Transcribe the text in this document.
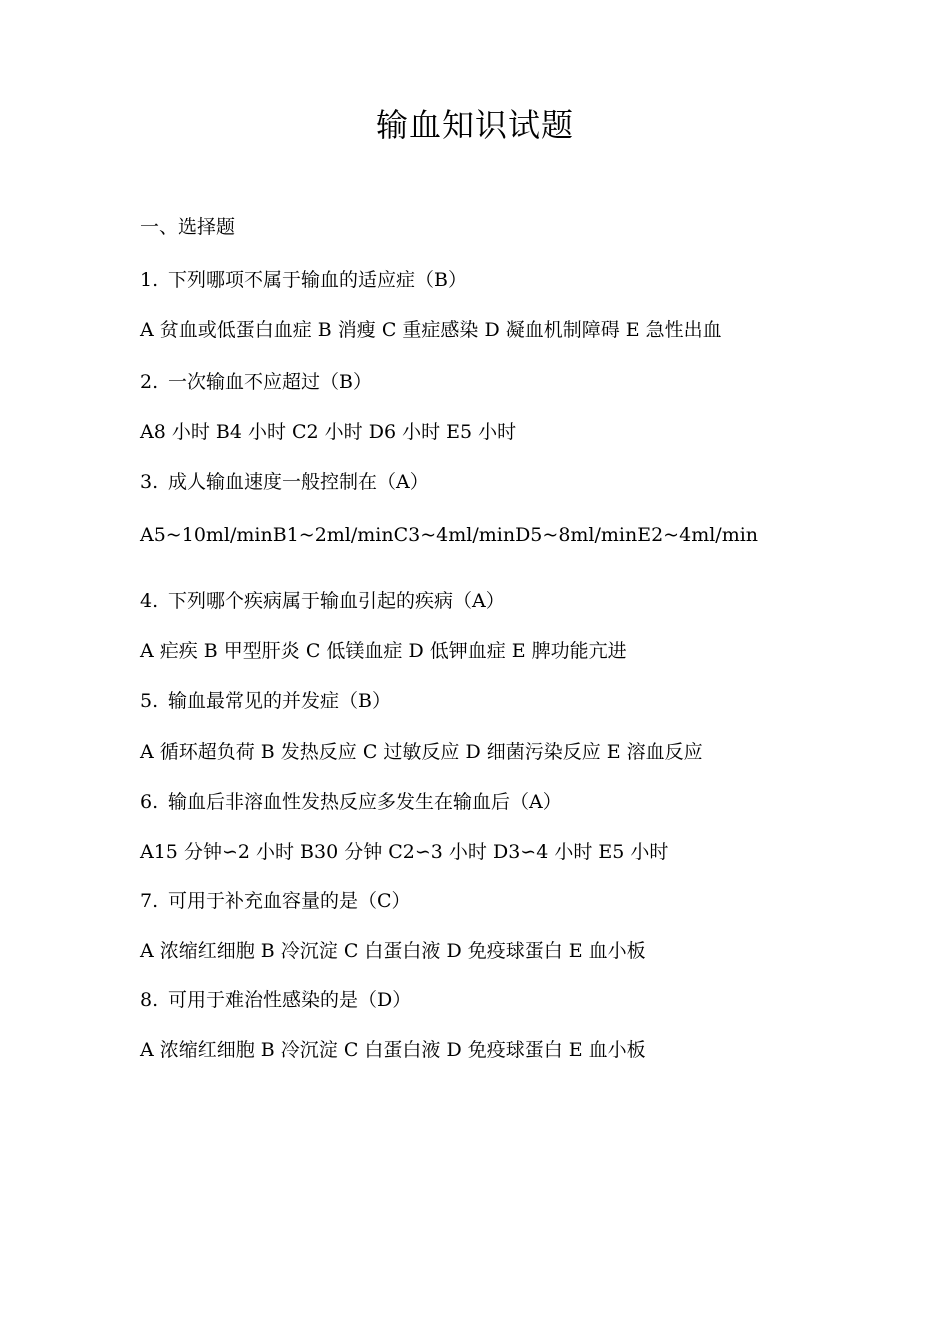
输血知识试题
一、选择题
1. 下列哪项不属于输血的适应症（B）
A 贫血或低蛋白血症 B 消瘦 C 重症感染 D 凝血机制障碍 E 急性出血
2. 一次输血不应超过（B）
A8 小时 B4 小时 C2 小时 D6 小时 E5 小时
3. 成人输血速度一般控制在（A）
A5~10ml/minB1~2ml/minC3~4ml/minD5~8ml/minE2~4ml/min
4. 下列哪个疾病属于输血引起的疾病（A）
A 疟疾 B 甲型肝炎 C 低镁血症 D 低钾血症 E 脾功能亢进
5. 输血最常见的并发症（B）
A 循环超负荷 B 发热反应 C 过敏反应 D 细菌污染反应 E 溶血反应
6. 输血后非溶血性发热反应多发生在输血后（A）
A15 分钟∽2 小时 B30 分钟 C2∽3 小时 D3∽4 小时 E5 小时
7. 可用于补充血容量的是（C）
A 浓缩红细胞 B 冷沉淀 C 白蛋白液 D 免疫球蛋白 E 血小板
8. 可用于难治性感染的是（D）
A 浓缩红细胞 B 冷沉淀 C 白蛋白液 D 免疫球蛋白 E 血小板
